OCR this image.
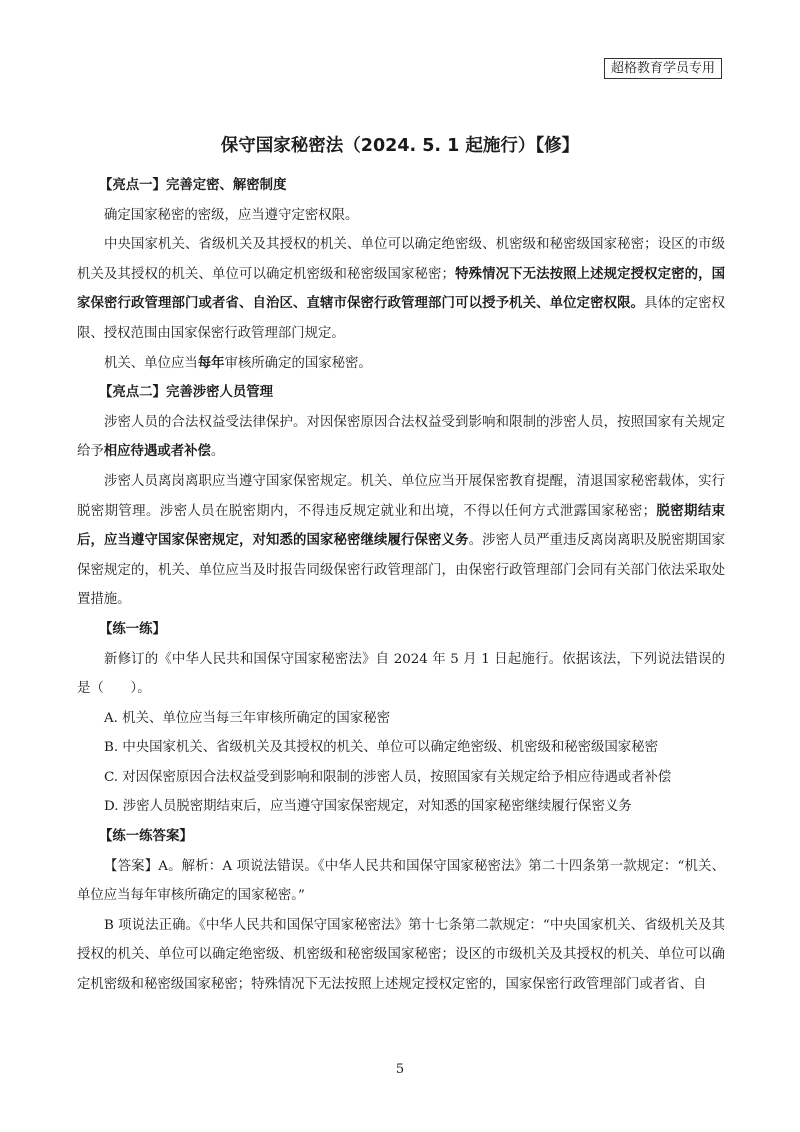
超格教育学员专用
保守国家秘密法（2024. 5. 1 起施行）【修】

【亮点一】完善定密、解密制度

确定国家秘密的密级，应当遵守定密权限。

中央国家机关、省级机关及其授权的机关、单位可以确定绝密级、机密级和秘密级国家秘密；设区的市级机关及其授权的机关、单位可以确定机密级和秘密级国家秘密；特殊情况下无法按照上述规定授权定密的，国家保密行政管理部门或者省、自治区、直辖市保密行政管理部门可以授予机关、单位定密权限。具体的定密权限、授权范围由国家保密行政管理部门规定。

机关、单位应当每年审核所确定的国家秘密。

【亮点二】完善涉密人员管理

涉密人员的合法权益受法律保护。对因保密原因合法权益受到影响和限制的涉密人员，按照国家有关规定给予相应待遇或者补偿。

涉密人员离岗离职应当遵守国家保密规定。机关、单位应当开展保密教育提醒，清退国家秘密载体，实行脱密期管理。涉密人员在脱密期内，不得违反规定就业和出境，不得以任何方式泄露国家秘密；脱密期结束后，应当遵守国家保密规定，对知悉的国家秘密继续履行保密义务。涉密人员严重违反离岗离职及脱密期国家保密规定的，机关、单位应当及时报告同级保密行政管理部门，由保密行政管理部门会同有关部门依法采取处置措施。

【练一练】

新修订的《中华人民共和国保守国家秘密法》自 2024 年 5 月 1 日起施行。依据该法，下列说法错误的是（　　）。

A. 机关、单位应当每三年审核所确定的国家秘密

B. 中央国家机关、省级机关及其授权的机关、单位可以确定绝密级、机密级和秘密级国家秘密

C. 对因保密原因合法权益受到影响和限制的涉密人员，按照国家有关规定给予相应待遇或者补偿

D. 涉密人员脱密期结束后，应当遵守国家保密规定，对知悉的国家秘密继续履行保密义务

【练一练答案】

【答案】A。解析：A 项说法错误。《中华人民共和国保守国家秘密法》第二十四条第一款规定：“机关、单位应当每年审核所确定的国家秘密。”

B 项说法正确。《中华人民共和国保守国家秘密法》第十七条第二款规定：“中央国家机关、省级机关及其授权的机关、单位可以确定绝密级、机密级和秘密级国家秘密；设区的市级机关及其授权的机关、单位可以确定机密级和秘密级国家秘密；特殊情况下无法按照上述规定授权定密的，国家保密行政管理部门或者省、自

5
